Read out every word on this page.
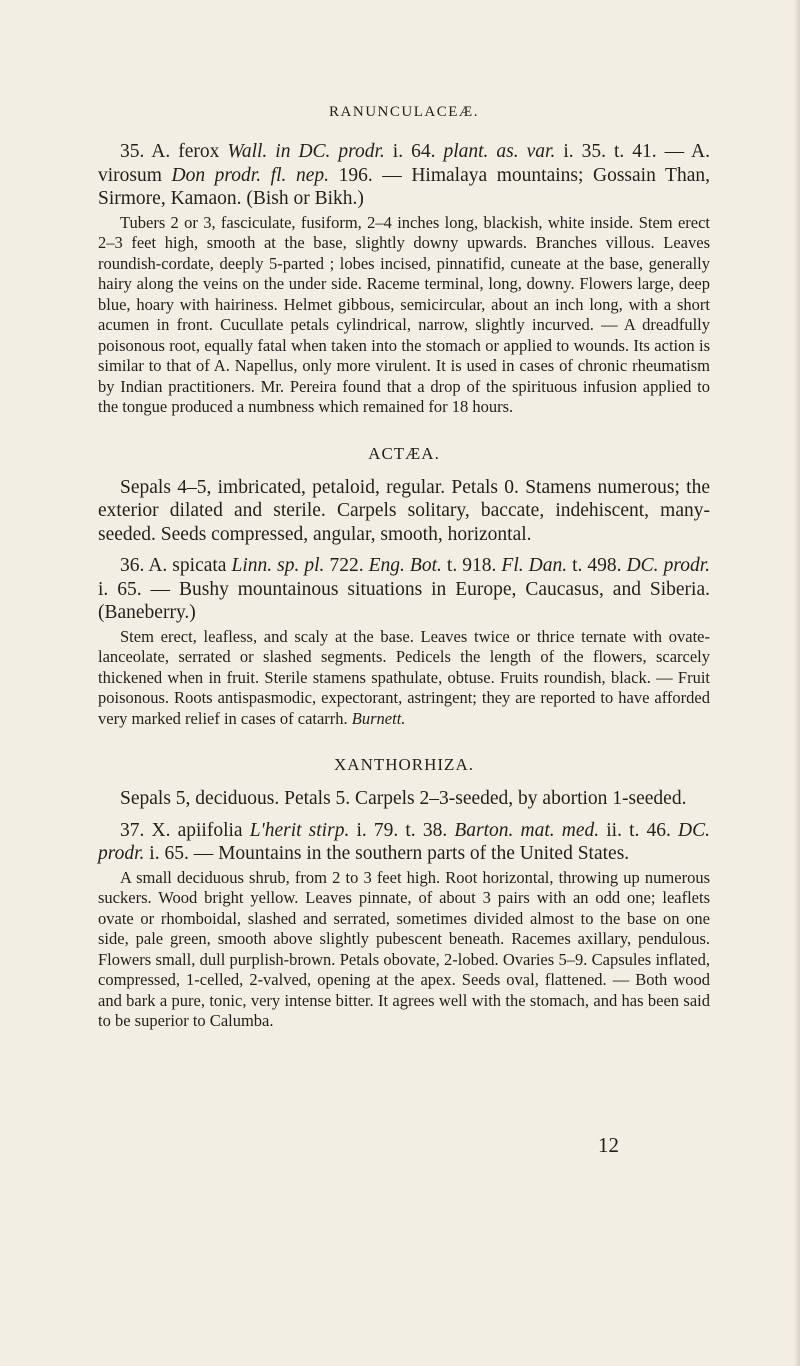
RANUNCULACEÆ.

35. A. ferox Wall. in DC. prodr. i. 64. plant. as. var. i. 35. t. 41. — A. virosum Don prodr. fl. nep. 196. — Himalaya mountains; Gossain Than, Sirmore, Kamaon. (Bish or Bikh.)

Tubers 2 or 3, fasciculate, fusiform, 2–4 inches long, blackish, white inside. Stem erect 2–3 feet high, smooth at the base, slightly downy upwards. Branches villous. Leaves roundish-cordate, deeply 5-parted ; lobes incised, pinnatifid, cuneate at the base, generally hairy along the veins on the under side. Raceme terminal, long, downy. Flowers large, deep blue, hoary with hairiness. Helmet gibbous, semicircular, about an inch long, with a short acumen in front. Cucullate petals cylindrical, narrow, slightly incurved. — A dreadfully poisonous root, equally fatal when taken into the stomach or applied to wounds. Its action is similar to that of A. Napellus, only more virulent. It is used in cases of chronic rheumatism by Indian practitioners. Mr. Pereira found that a drop of the spirituous infusion applied to the tongue produced a numbness which remained for 18 hours.

ACTÆA.

Sepals 4–5, imbricated, petaloid, regular. Petals 0. Stamens numerous; the exterior dilated and sterile. Carpels solitary, baccate, indehiscent, many-seeded. Seeds compressed, angular, smooth, horizontal.

36. A. spicata Linn. sp. pl. 722. Eng. Bot. t. 918. Fl. Dan. t. 498. DC. prodr. i. 65. — Bushy mountainous situations in Europe, Caucasus, and Siberia. (Baneberry.)

Stem erect, leafless, and scaly at the base. Leaves twice or thrice ternate with ovate-lanceolate, serrated or slashed segments. Pedicels the length of the flowers, scarcely thickened when in fruit. Sterile stamens spathulate, obtuse. Fruits roundish, black. — Fruit poisonous. Roots antispasmodic, expectorant, astringent; they are reported to have afforded very marked relief in cases of catarrh. Burnett.

XANTHORHIZA.

Sepals 5, deciduous. Petals 5. Carpels 2–3-seeded, by abortion 1-seeded.

37. X. apiifolia L'herit stirp. i. 79. t. 38. Barton. mat. med. ii. t. 46. DC. prodr. i. 65. — Mountains in the southern parts of the United States.

A small deciduous shrub, from 2 to 3 feet high. Root horizontal, throwing up numerous suckers. Wood bright yellow. Leaves pinnate, of about 3 pairs with an odd one; leaflets ovate or rhomboidal, slashed and serrated, sometimes divided almost to the base on one side, pale green, smooth above slightly pubescent beneath. Racemes axillary, pendulous. Flowers small, dull purplish-brown. Petals obovate, 2-lobed. Ovaries 5–9. Capsules inflated, compressed, 1-celled, 2-valved, opening at the apex. Seeds oval, flattened. — Both wood and bark a pure, tonic, very intense bitter. It agrees well with the stomach, and has been said to be superior to Calumba.

12
